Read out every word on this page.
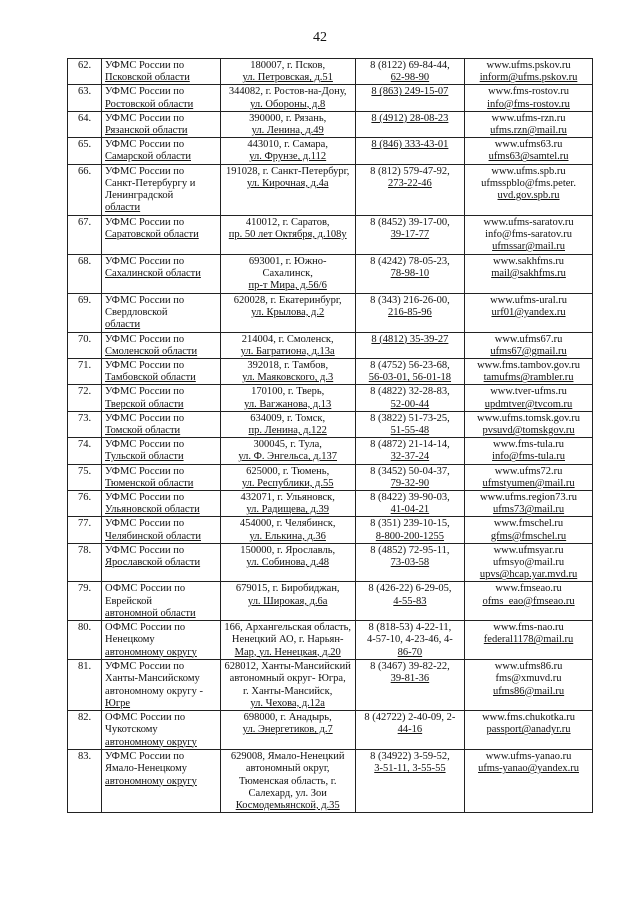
42
62.	УФМС России по
Псковской области	180007, г. Псков,
ул. Петровская, д.51	8 (8122) 69-84-44,
62-98-90	www.ufms.pskov.ru
inform@ufms.pskov.ru

63.	УФМС России по
Ростовской области	344082, г. Ростов-на-Дону,
ул. Обороны, д.8	8 (863) 249-15-07	www.fms-rostov.ru
info@fms-rostov.ru

64.	УФМС России по
Рязанской области	390000, г. Рязань,
ул. Ленина, д.49	8 (4912) 28-08-23	www.ufms-rzn.ru
ufms.rzn@mail.ru

65.	УФМС России по
Самарской области	443010, г. Самара,
ул. Фрунзе, д.112	8 (846) 333-43-01	www.ufms63.ru
ufms63@samtel.ru

66.	УФМС России по
Санкт-Петербургу и
Ленинградской
области	191028, г. Санкт-Петербург,
ул. Кирочная, д.4а	8 (812) 579-47-92,
273-22-46	www.ufms.spb.ru
ufmsspblo@fms.peter.
uvd.gov.spb.ru

67.	УФМС России по
Саратовской области	410012, г. Саратов,
пр. 50 лет Октября, д.108у	8 (8452) 39-17-00,
39-17-77	www.ufms-saratov.ru
info@fms-saratov.ru
ufmssar@mail.ru

68.	УФМС России по
Сахалинской области	693001, г. Южно-
Сахалинск,
пр-т Мира, д.56/6	8 (4242) 78-05-23,
78-98-10	www.sakhfms.ru
mail@sakhfms.ru

69.	УФМС России по
Свердловской
области	620028, г. Екатеринбург,
ул. Крылова, д.2	8 (343) 216-26-00,
216-85-96	www.ufms-ural.ru
urf01@yandex.ru

70.	УФМС России по
Смоленской области	214004, г. Смоленск,
ул. Багратиона, д.13а	8 (4812) 35-39-27	www.ufms67.ru
ufms67@gmail.ru

71.	УФМС России по
Тамбовской области	392018, г. Тамбов,
ул. Маяковского, д.3	8 (4752) 56-23-68,
56-03-01, 56-01-18	www.fms.tambov.gov.ru
tamufms@rambler.ru

72.	УФМС России по
Тверской области	170100, г. Тверь,
ул. Вагжанова, д.13	8 (4822) 32-28-83,
52-00-44	www.tver-ufms.ru
updmtver@tvcom.ru

73.	УФМС России по
Томской области	634009, г. Томск,
пр. Ленина, д.122	8 (3822) 51-73-25,
51-55-48	www.ufms.tomsk.gov.ru
pvsuvd@tomskgov.ru

74.	УФМС России по
Тульской области	300045, г. Тула,
ул. Ф. Энгельса, д.137	8 (4872) 21-14-14,
32-37-24	www.fms-tula.ru
info@fms-tula.ru

75.	УФМС России по
Тюменской области	625000, г. Тюмень,
ул. Республики, д.55	8 (3452) 50-04-37,
79-32-90	www.ufms72.ru
ufmstyumen@mail.ru

76.	УФМС России по
Ульяновской области	432071, г. Ульяновск,
ул. Радищева, д.39	8 (8422) 39-90-03,
41-04-21	www.ufms.region73.ru
ufms73@mail.ru

77.	УФМС России по
Челябинской области	454000, г. Челябинск,
ул. Елькина, д.36	8 (351) 239-10-15,
8-800-200-1255	www.fmschel.ru
gfms@fmschel.ru

78.	УФМС России по
Ярославской области	150000, г. Ярославль,
ул. Собинова, д.48	8 (4852) 72-95-11,
73-03-58	www.ufmsyar.ru
ufmsyo@mail.ru
upvs@hcap.yar.mvd.ru

79.	ОФМС России по
Еврейской
автономной области	679015, г. Биробиджан,
ул. Широкая, д.6а	8 (426-22) 6-29-05,
4-55-83	www.fmseao.ru
ofms_eao@fmseao.ru

80.	ОФМС России по
Ненецкому
автономному округу	166, Архангельская область,
Ненецкий АО, г. Нарьян-
Мар, ул. Ненецкая, д.20	8 (818-53) 4-22-11,
4-57-10, 4-23-46, 4-
86-70	www.fms-nao.ru
federal1178@mail.ru

81.	УФМС России по
Ханты-Мансийскому
автономному округу -
Югре	628012, Ханты-Мансийский
автономный округ- Югра,
г. Ханты-Мансийск,
ул. Чехова, д.12а	8 (3467) 39-82-22,
39-81-36	www.ufms86.ru
fms@xmuvd.ru
ufms86@mail.ru

82.	ОФМС России по
Чукотскому
автономному округу	698000, г. Анадырь,
ул. Энергетиков, д.7	8 (42722) 2-40-09, 2-
44-16	www.fms.chukotka.ru
passport@anadyr.ru

83.	УФМС России по
Ямало-Ненецкому
автономному округу	629008, Ямало-Ненецкий
автономный округ,
Тюменская область, г.
Салехард, ул. Зои
Космодемьянской, д.35	8 (34922) 3-59-52,
3-51-11, 3-55-55	www.ufms-yanao.ru
ufms-yanao@yandex.ru
